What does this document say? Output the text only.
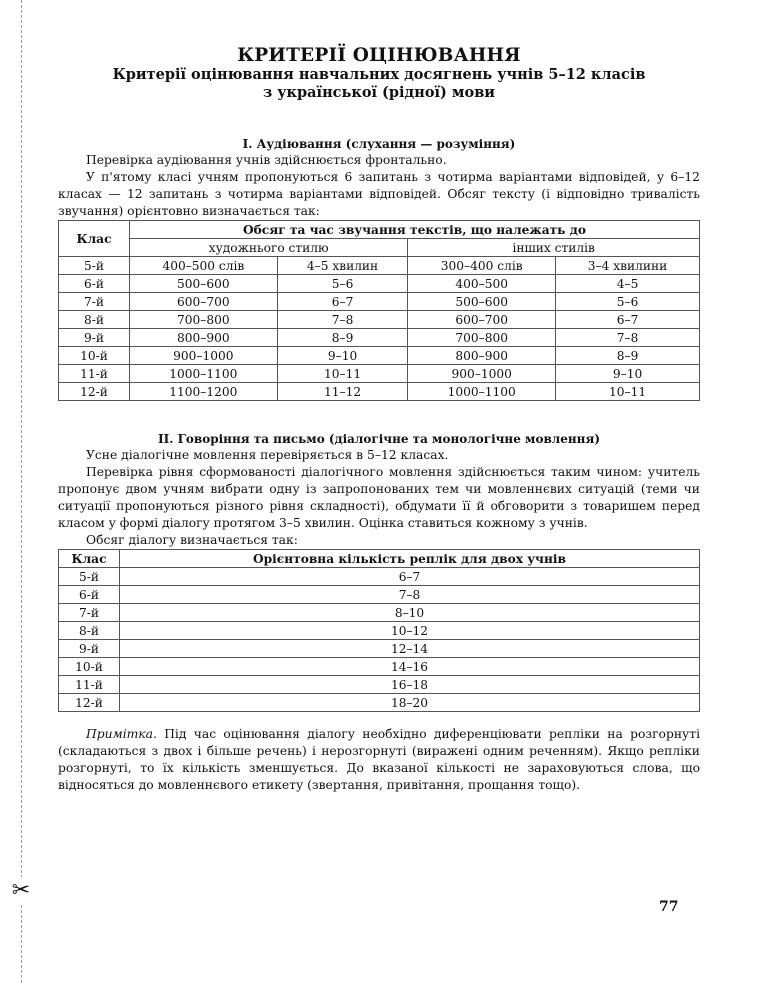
✂
КРИТЕРІЇ ОЦІНЮВАННЯ
Критерії оцінювання навчальних досягнень учнів 5–12 класів
з української (рідної) мови
І. Аудіювання (слухання — розуміння)

Перевірка аудіювання учнів здійснюється фронтально.

У п'ятому класі учням пропонуються 6 запитань з чотирма варіантами відповідей, у 6–12 класах — 12 запитань з чотирма варіантами відповідей. Обсяг тексту (і відповідно тривалість звучання) орієнтовно визначається так:

Клас	Обсяг та час звучання текстів, що належать до			
	художнього стилю		інших стилів	
5-й	400–500 слів	4–5 хвилин	300–400 слів	3–4 хвилини
6-й	500–600	5–6	400–500	4–5
7-й	600–700	6–7	500–600	5–6
8-й	700–800	7–8	600–700	6–7
9-й	800–900	8–9	700–800	7–8
10-й	900–1000	9–10	800–900	8–9
11-й	1000–1100	10–11	900–1000	9–10
12-й	1100–1200	11–12	1000–1100	10–11
ІІ. Говоріння та письмо (діалогічне та монологічне мовлення)

Усне діалогічне мовлення перевіряється в 5–12 класах.

Перевірка рівня сформованості діалогічного мовлення здійснюється таким чином: учитель пропонує двом учням вибрати одну із запропонованих тем чи мовленнєвих ситуацій (теми чи ситуації пропонуються різного рівня складності), обдумати її й обговорити з товаришем перед класом у формі діалогу протягом 3–5 хвилин. Оцінка ставиться кожному з учнів.

Обсяг діалогу визначається так:

Клас	Орієнтовна кількість реплік для двох учнів
5-й	6–7
6-й	7–8
7-й	8–10
8-й	10–12
9-й	12–14
10-й	14–16
11-й	16–18
12-й	18–20

Примітка. Під час оцінювання діалогу необхідно диференціювати репліки на розгорнуті (складаються з двох і більше речень) і нерозгорнуті (виражені одним реченням). Якщо репліки розгорнуті, то їх кількість зменшується. До вказаної кількості не зараховуються слова, що відносяться до мовленнєвого етикету (звертання, привітання, прощання тощо).

77
